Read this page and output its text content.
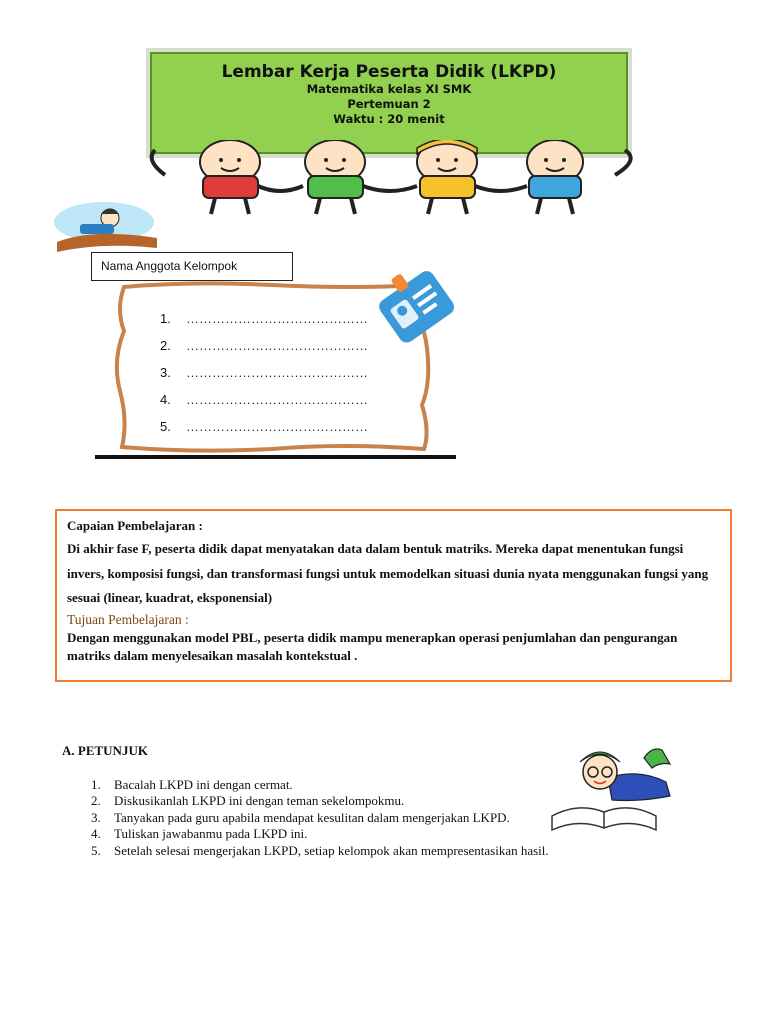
Lembar Kerja Peserta Didik (LKPD)
Matematika kelas XI SMK
Pertemuan 2
Waktu : 20 menit
Nama Anggota Kelompok
1.	……………………………………
2.	……………………………………
3.	……………………………………
4.	……………………………………
5.	……………………………………
Capaian Pembelajaran :
Di akhir fase F, peserta didik dapat menyatakan data dalam bentuk matriks. Mereka dapat menentukan fungsi invers, komposisi fungsi, dan transformasi fungsi untuk memodelkan situasi dunia nyata menggunakan fungsi yang sesuai (linear, kuadrat, eksponensial)
Tujuan Pembelajaran :
Dengan menggunakan model PBL, peserta didik mampu menerapkan operasi penjumlahan dan pengurangan matriks dalam menyelesaikan masalah kontekstual .
A. PETUNJUK
1.	Bacalah LKPD ini dengan cermat.
2.	Diskusikanlah LKPD ini dengan teman sekelompokmu.
3.	Tanyakan pada guru apabila mendapat kesulitan dalam mengerjakan LKPD.
4.	Tuliskan jawabanmu pada LKPD ini.
5.	Setelah selesai mengerjakan LKPD, setiap kelompok akan mempresentasikan hasil.
